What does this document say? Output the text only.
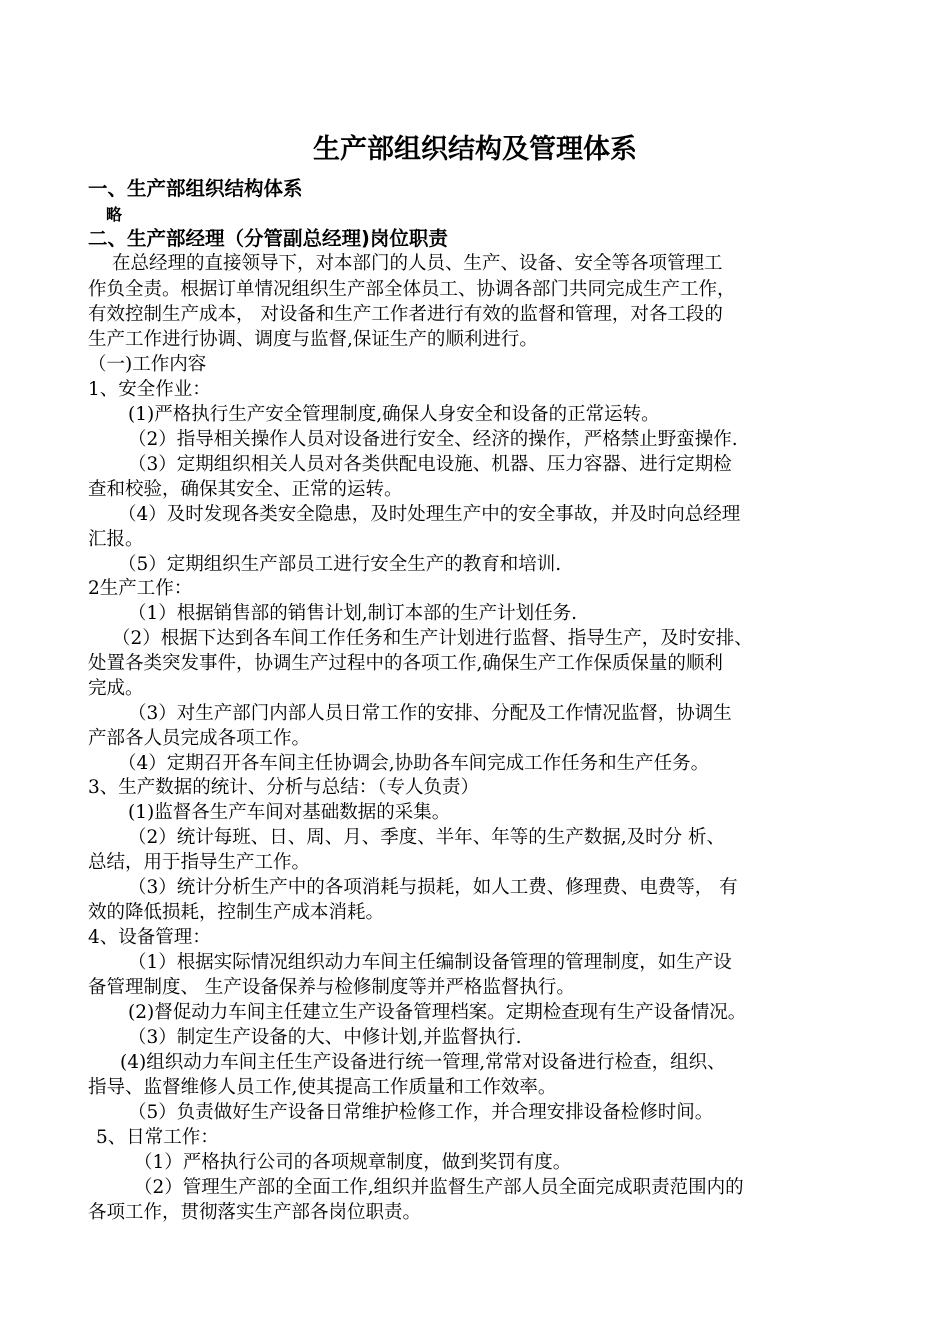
生产部组织结构及管理体系

一、生产部组织结构体系

略

二、生产部经理（分管副总经理)岗位职责

在总经理的直接领导下，对本部门的人员、生产、设备、安全等各项管理工

作负全责。根据订单情况组织生产部全体员工、协调各部门共同完成生产工作，

有效控制生产成本， 对设备和生产工作者进行有效的监督和管理，对各工段的

生产工作进行协调、调度与监督,保证生产的顺利进行。

（一)工作内容

1、安全作业：

(1)严格执行生产安全管理制度,确保人身安全和设备的正常运转。

（2）指导相关操作人员对设备进行安全、经济的操作，严格禁止野蛮操作.

（3）定期组织相关人员对各类供配电设施、机器、压力容器、进行定期检

查和校验，确保其安全、正常的运转。

（4）及时发现各类安全隐患，及时处理生产中的安全事故，并及时向总经理

汇报。

（5）定期组织生产部员工进行安全生产的教育和培训.

2生产工作：

（1）根据销售部的销售计划,制订本部的生产计划任务.

（2）根据下达到各车间工作任务和生产计划进行监督、指导生产，及时安排、

处置各类突发事件，协调生产过程中的各项工作,确保生产工作保质保量的顺利

完成。

（3）对生产部门内部人员日常工作的安排、分配及工作情况监督，协调生

产部各人员完成各项工作。

（4）定期召开各车间主任协调会,协助各车间完成工作任务和生产任务。

3、生产数据的统计、分析与总结：（专人负责）

(1)监督各生产车间对基础数据的采集。

（2）统计每班、日、周、月、季度、半年、年等的生产数据,及时分 析、

总结，用于指导生产工作。

（3）统计分析生产中的各项消耗与损耗，如人工费、修理费、电费等， 有

效的降低损耗，控制生产成本消耗。

4、设备管理：

（1）根据实际情况组织动力车间主任编制设备管理的管理制度，如生产设

备管理制度、 生产设备保养与检修制度等并严格监督执行。

(2)督促动力车间主任建立生产设备管理档案。定期检查现有生产设备情况。

（3）制定生产设备的大、中修计划,并监督执行.

(4)组织动力车间主任生产设备进行统一管理,常常对设备进行检查，组织、

指导、监督维修人员工作,使其提高工作质量和工作效率。

（5）负责做好生产设备日常维护检修工作，并合理安排设备检修时间。

5、日常工作：

（1）严格执行公司的各项规章制度，做到奖罚有度。

（2）管理生产部的全面工作,组织并监督生产部人员全面完成职责范围内的

各项工作，贯彻落实生产部各岗位职责。
